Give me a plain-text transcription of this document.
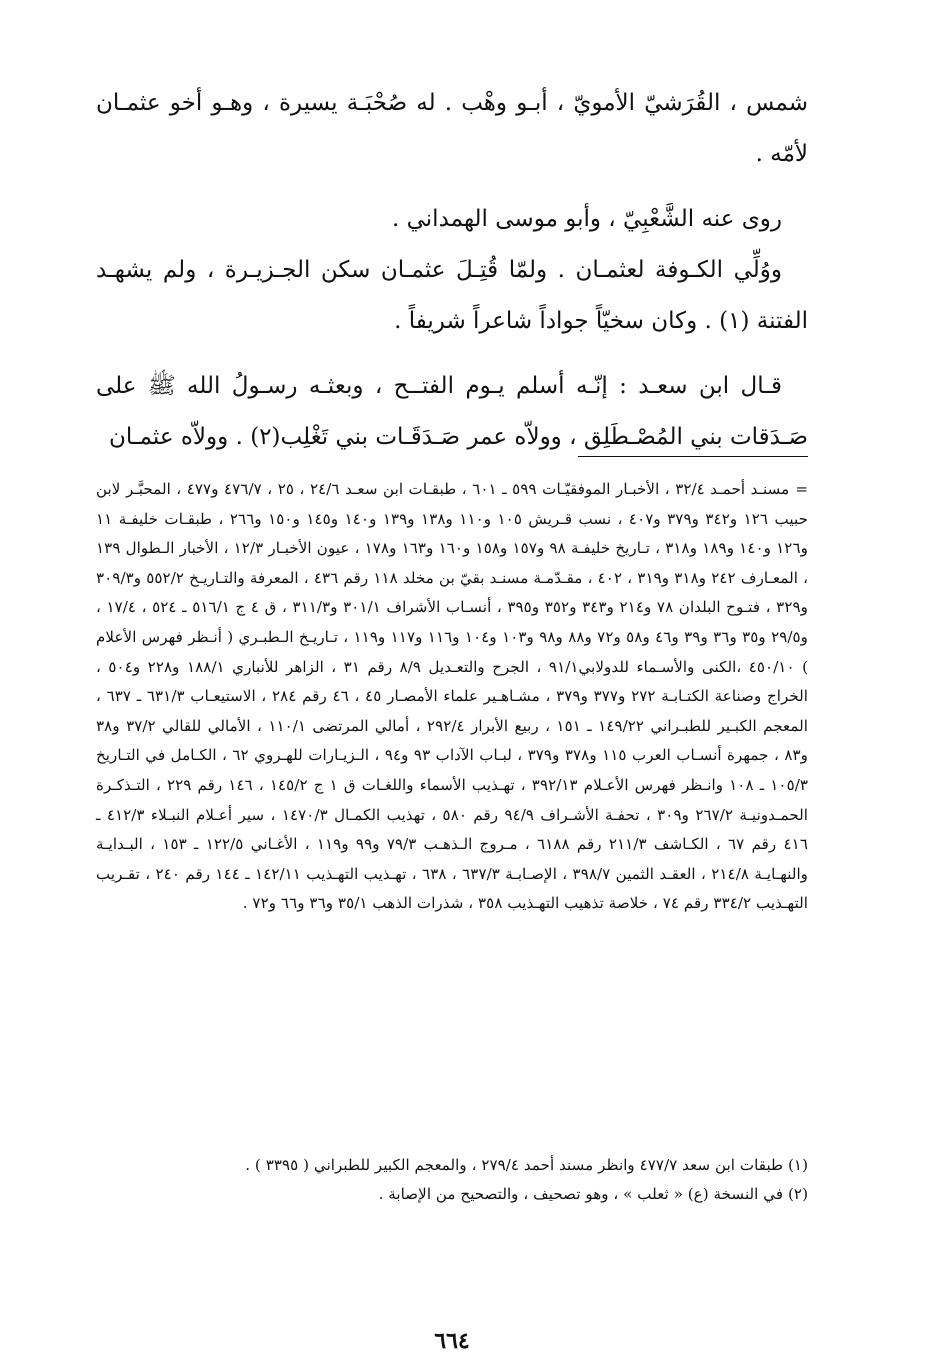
شمس ، القُرَشيّ الأمويّ ، أبـو وهْب . له صُحْبَـة يسيرة ، وهـو أخو عثمـان لأمّه .

روى عنه الشَّعْبِيّ ، وأبو موسى الهمداني .

ووُلِّي الكـوفة لعثمـان . ولمّا قُتِـلَ عثمـان سكن الجـزيـرة ، ولم يشهـد الفتنة (١) . وكان سخيّاً جواداً شاعراً شريفاً .

قـال ابن سعـد : إنّـه أسلم يـوم الفتــح ، وبعثـه رسـولُ الله ﷺ على صَـدَقات بني المُصْـطَلِق ، وولاّه عمر صَـدَقَـات بني تَغْلِب(٢) . وولاّه عثمـان

=مسنـد أحمـد ٣٢/٤ ، الأخبـار الموفقيّـات ٥٩٩ ـ ٦٠١ ، طبقـات ابن سعـد ٢٤/٦ ، ٢٥ ، ٤٧٦/٧ و٤٧٧ ، المحبَّـر لابن حبيب ١٢٦ و٣٤٢ و٣٧٩ و٤٠٧ ، نسب قـريش ١٠٥ و١١٠ و١٣٨ و١٣٩ و١٤٠ و١٤٥ و١٥٠ و٢٦٦ ، طبقـات خليفـة ١١ و١٢٦ و١٤٠ و١٨٩ و٣١٨ ، تـاريخ خليفـة ٩٨ و١٥٧ و١٥٨ و١٦٠ و١٦٣ و١٧٨ ، عيون الأخبـار ١٢/٣ ، الأخبار الـطوال ١٣٩ ، المعـارف ٢٤٢ و٣١٨ و٣١٩ ، ٤٠٢ ، مقـدّمـة مسنـد بقيّ بن مخلد ١١٨ رقم ٤٣٦ ، المعرفة والتـاريـخ ٥٥٢/٢ و٣٠٩/٣ و٣٢٩ ، فتـوح البلدان ٧٨ و٢١٤ و٣٤٣ و٣٥٢ و٣٩٥ ، أنسـاب الأشراف ٣٠١/١ و٣١١/٣ ، ق ٤ ج ٥١٦/١ ـ ٥٢٤ ، ١٧/٤ ، و٢٩/٥ و٣٥ و٣٦ و٣٩ و٤٦ و٥٨ و٧٢ و٨٨ و٩٨ و١٠٣ و١٠٤ و١١٦ و١١٧ و١١٩ ، تـاريـخ الـطبـري ( أنـظر فهرس الأعلام ) ٤٥٠/١٠ ،الكنى والأسـماء للدولابي٩١/١ ، الجرح والتعـديل ٨/٩ رقم ٣١ ، الزاهر للأنباري ١٨٨/١ و٢٢٨ و٥٠٤ ، الخراج وصناعة الكتـابـة ٢٧٢ و٣٧٧ و٣٧٩ ، مشـاهـير علماء الأمصـار ٤٥ ، ٤٦ رقم ٢٨٤ ، الاستيعـاب ٦٣١/٣ ـ ٦٣٧ ، المعجم الكبـير للطبـراني ١٤٩/٢٢ ـ ١٥١ ، ربيع الأبرار ٢٩٢/٤ ، أمالي المرتضى ١١٠/١ ، الأمالي للقالي ٣٧/٢ و٣٨ و٨٣ ، جمهرة أنسـاب العرب ١١٥ و٣٧٨ و٣٧٩ ، لبـاب الآداب ٩٣ و٩٤ ، الـزيـارات للهـروي ٦٢ ، الكـامل في التـاريخ ١٠٥/٣ ـ ١٠٨ وانـظر فهرس الأعـلام ٣٩٢/١٣ ، تهـذيب الأسماء واللغـات ق ١ ج ١٤٥/٢ ، ١٤٦ رقم ٢٢٩ ، التـذكـرة الحمـدونيـة ٢٦٧/٢ و٣٠٩ ، تحفـة الأشـراف ٩٤/٩ رقم ٥٨٠ ، تهذيب الكمـال ١٤٧٠/٣ ، سير أعـلام النبـلاء ٤١٢/٣ ـ ٤١٦ رقم ٦٧ ، الكـاشف ٢١١/٣ رقم ٦١٨٨ ، مـروج الـذهـب ٧٩/٣ و٩٩ و١١٩ ، الأغـاني ١٢٢/٥ ـ ١٥٣ ، البـدايـة والنهـايـة ٢١٤/٨ ، العقـد الثمين ٣٩٨/٧ ، الإصـابـة ٦٣٧/٣ ، ٦٣٨ ، تهـذيب التهـذيب ١٤٢/١١ ـ ١٤٤ رقم ٢٤٠ ، تقـريب التهـذيب ٣٣٤/٢ رقم ٧٤ ، خلاصة تذهيب التهـذيب ٣٥٨ ، شذرات الذهب ٣٥/١ و٣٦ و٦٦ و٧٢ .

(١) طبقات ابن سعد ٤٧٧/٧ وانظر مسند أحمد ٢٧٩/٤ ، والمعجم الكبير للطبراني ( ٣٣٩٥ ) .

(٢) في النسخة (ع) « ثعلب » ، وهو تصحيف ، والتصحيح من الإصابة .

٦٦٤
